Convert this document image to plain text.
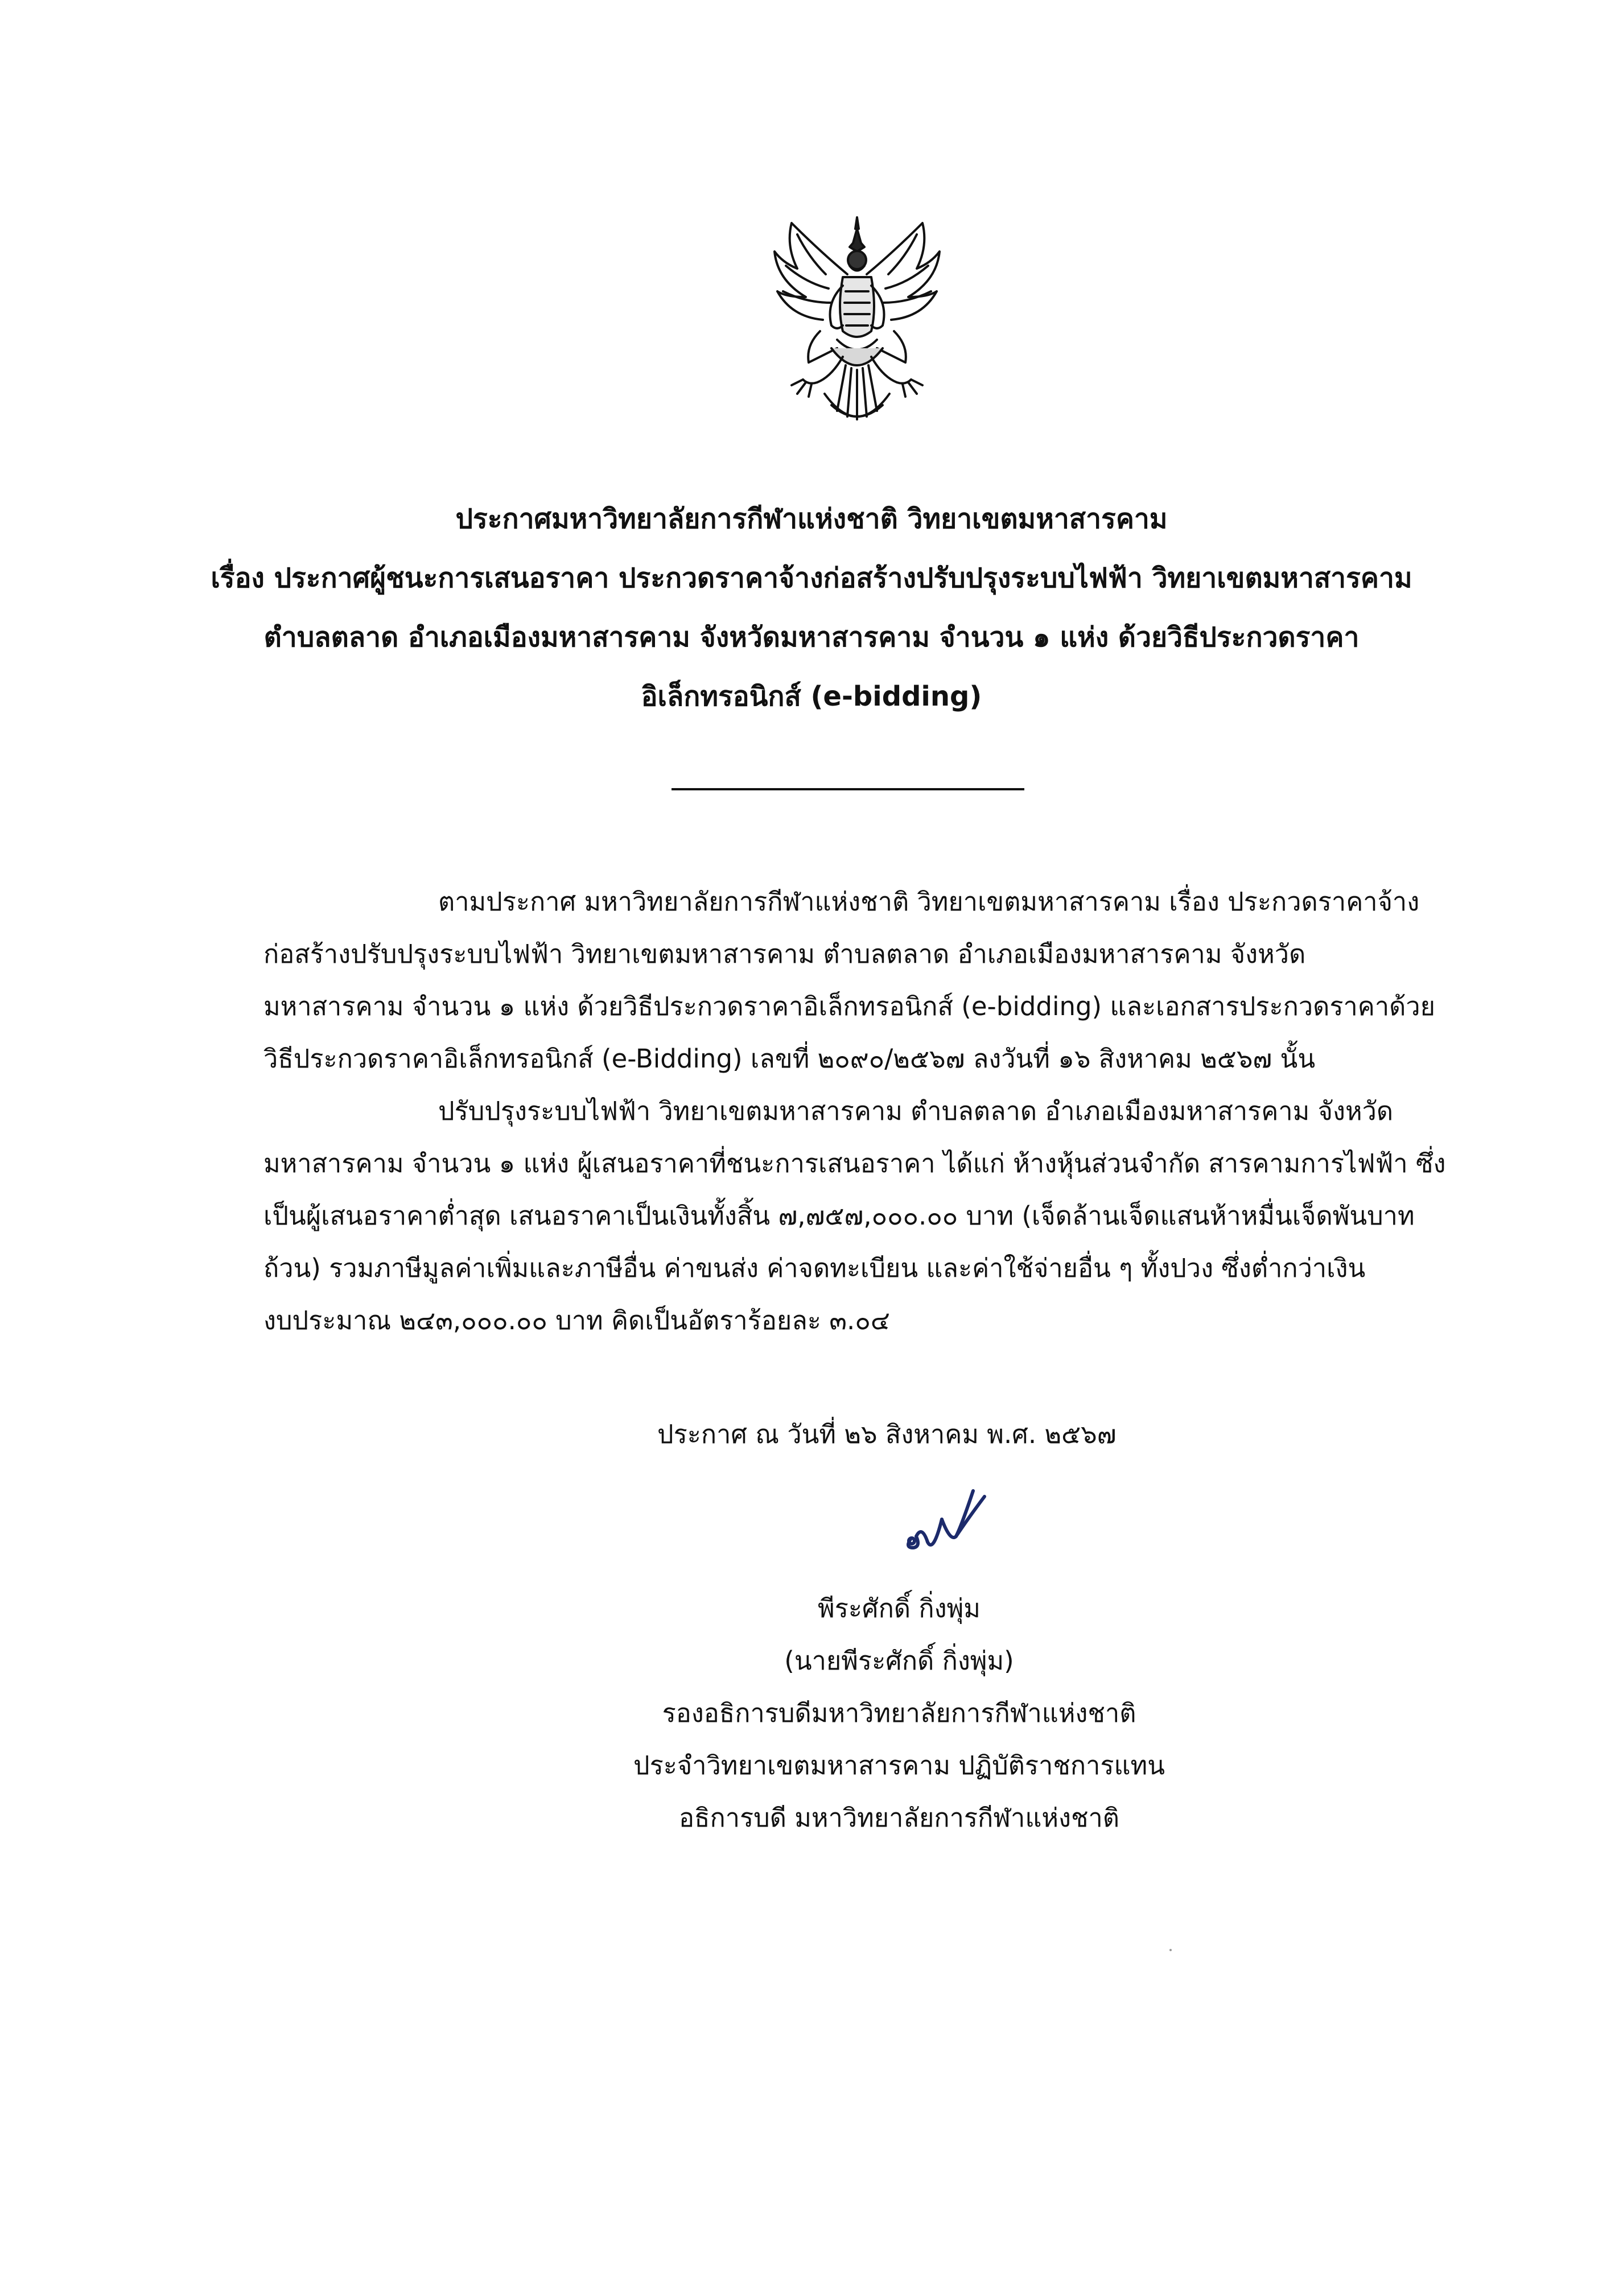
ประกาศมหาวิทยาลัยการกีฬาแห่งชาติ วิทยาเขตมหาสารคาม
เรื่อง ประกาศผู้ชนะการเสนอราคา ประกวดราคาจ้างก่อสร้างปรับปรุงระบบไฟฟ้า วิทยาเขตมหาสารคาม
ตำบลตลาด อำเภอเมืองมหาสารคาม จังหวัดมหาสารคาม จำนวน ๑ แห่ง ด้วยวิธีประกวดราคา
อิเล็กทรอนิกส์ (e-bidding)
ตามประกาศ มหาวิทยาลัยการกีฬาแห่งชาติ วิทยาเขตมหาสารคาม เรื่อง ประกวดราคาจ้าง
ก่อสร้างปรับปรุงระบบไฟฟ้า วิทยาเขตมหาสารคาม ตำบลตลาด อำเภอเมืองมหาสารคาม จังหวัด
มหาสารคาม จำนวน ๑ แห่ง ด้วยวิธีประกวดราคาอิเล็กทรอนิกส์ (e-bidding) และเอกสารประกวดราคาด้วย
วิธีประกวดราคาอิเล็กทรอนิกส์ (e-Bidding) เลขที่ ๒๐๙๐/๒๕๖๗ ลงวันที่ ๑๖ สิงหาคม ๒๕๖๗ นั้น
ปรับปรุงระบบไฟฟ้า วิทยาเขตมหาสารคาม ตำบลตลาด อำเภอเมืองมหาสารคาม จังหวัด
มหาสารคาม จำนวน ๑ แห่ง ผู้เสนอราคาที่ชนะการเสนอราคา ได้แก่ ห้างหุ้นส่วนจำกัด สารคามการไฟฟ้า ซึ่ง
เป็นผู้เสนอราคาต่ำสุด เสนอราคาเป็นเงินทั้งสิ้น ๗,๗๕๗,๐๐๐.๐๐ บาท (เจ็ดล้านเจ็ดแสนห้าหมื่นเจ็ดพันบาท
ถ้วน) รวมภาษีมูลค่าเพิ่มและภาษีอื่น ค่าขนส่ง ค่าจดทะเบียน และค่าใช้จ่ายอื่น ๆ ทั้งปวง ซึ่งต่ำกว่าเงิน
งบประมาณ ๒๔๓,๐๐๐.๐๐ บาท คิดเป็นอัตราร้อยละ ๓.๐๔
ประกาศ ณ วันที่ ๒๖ สิงหาคม พ.ศ. ๒๕๖๗
พีระศักดิ์ กิ่งพุ่ม
(นายพีระศักดิ์ กิ่งพุ่ม)
รองอธิการบดีมหาวิทยาลัยการกีฬาแห่งชาติ
ประจำวิทยาเขตมหาสารคาม ปฏิบัติราชการแทน
อธิการบดี มหาวิทยาลัยการกีฬาแห่งชาติ
